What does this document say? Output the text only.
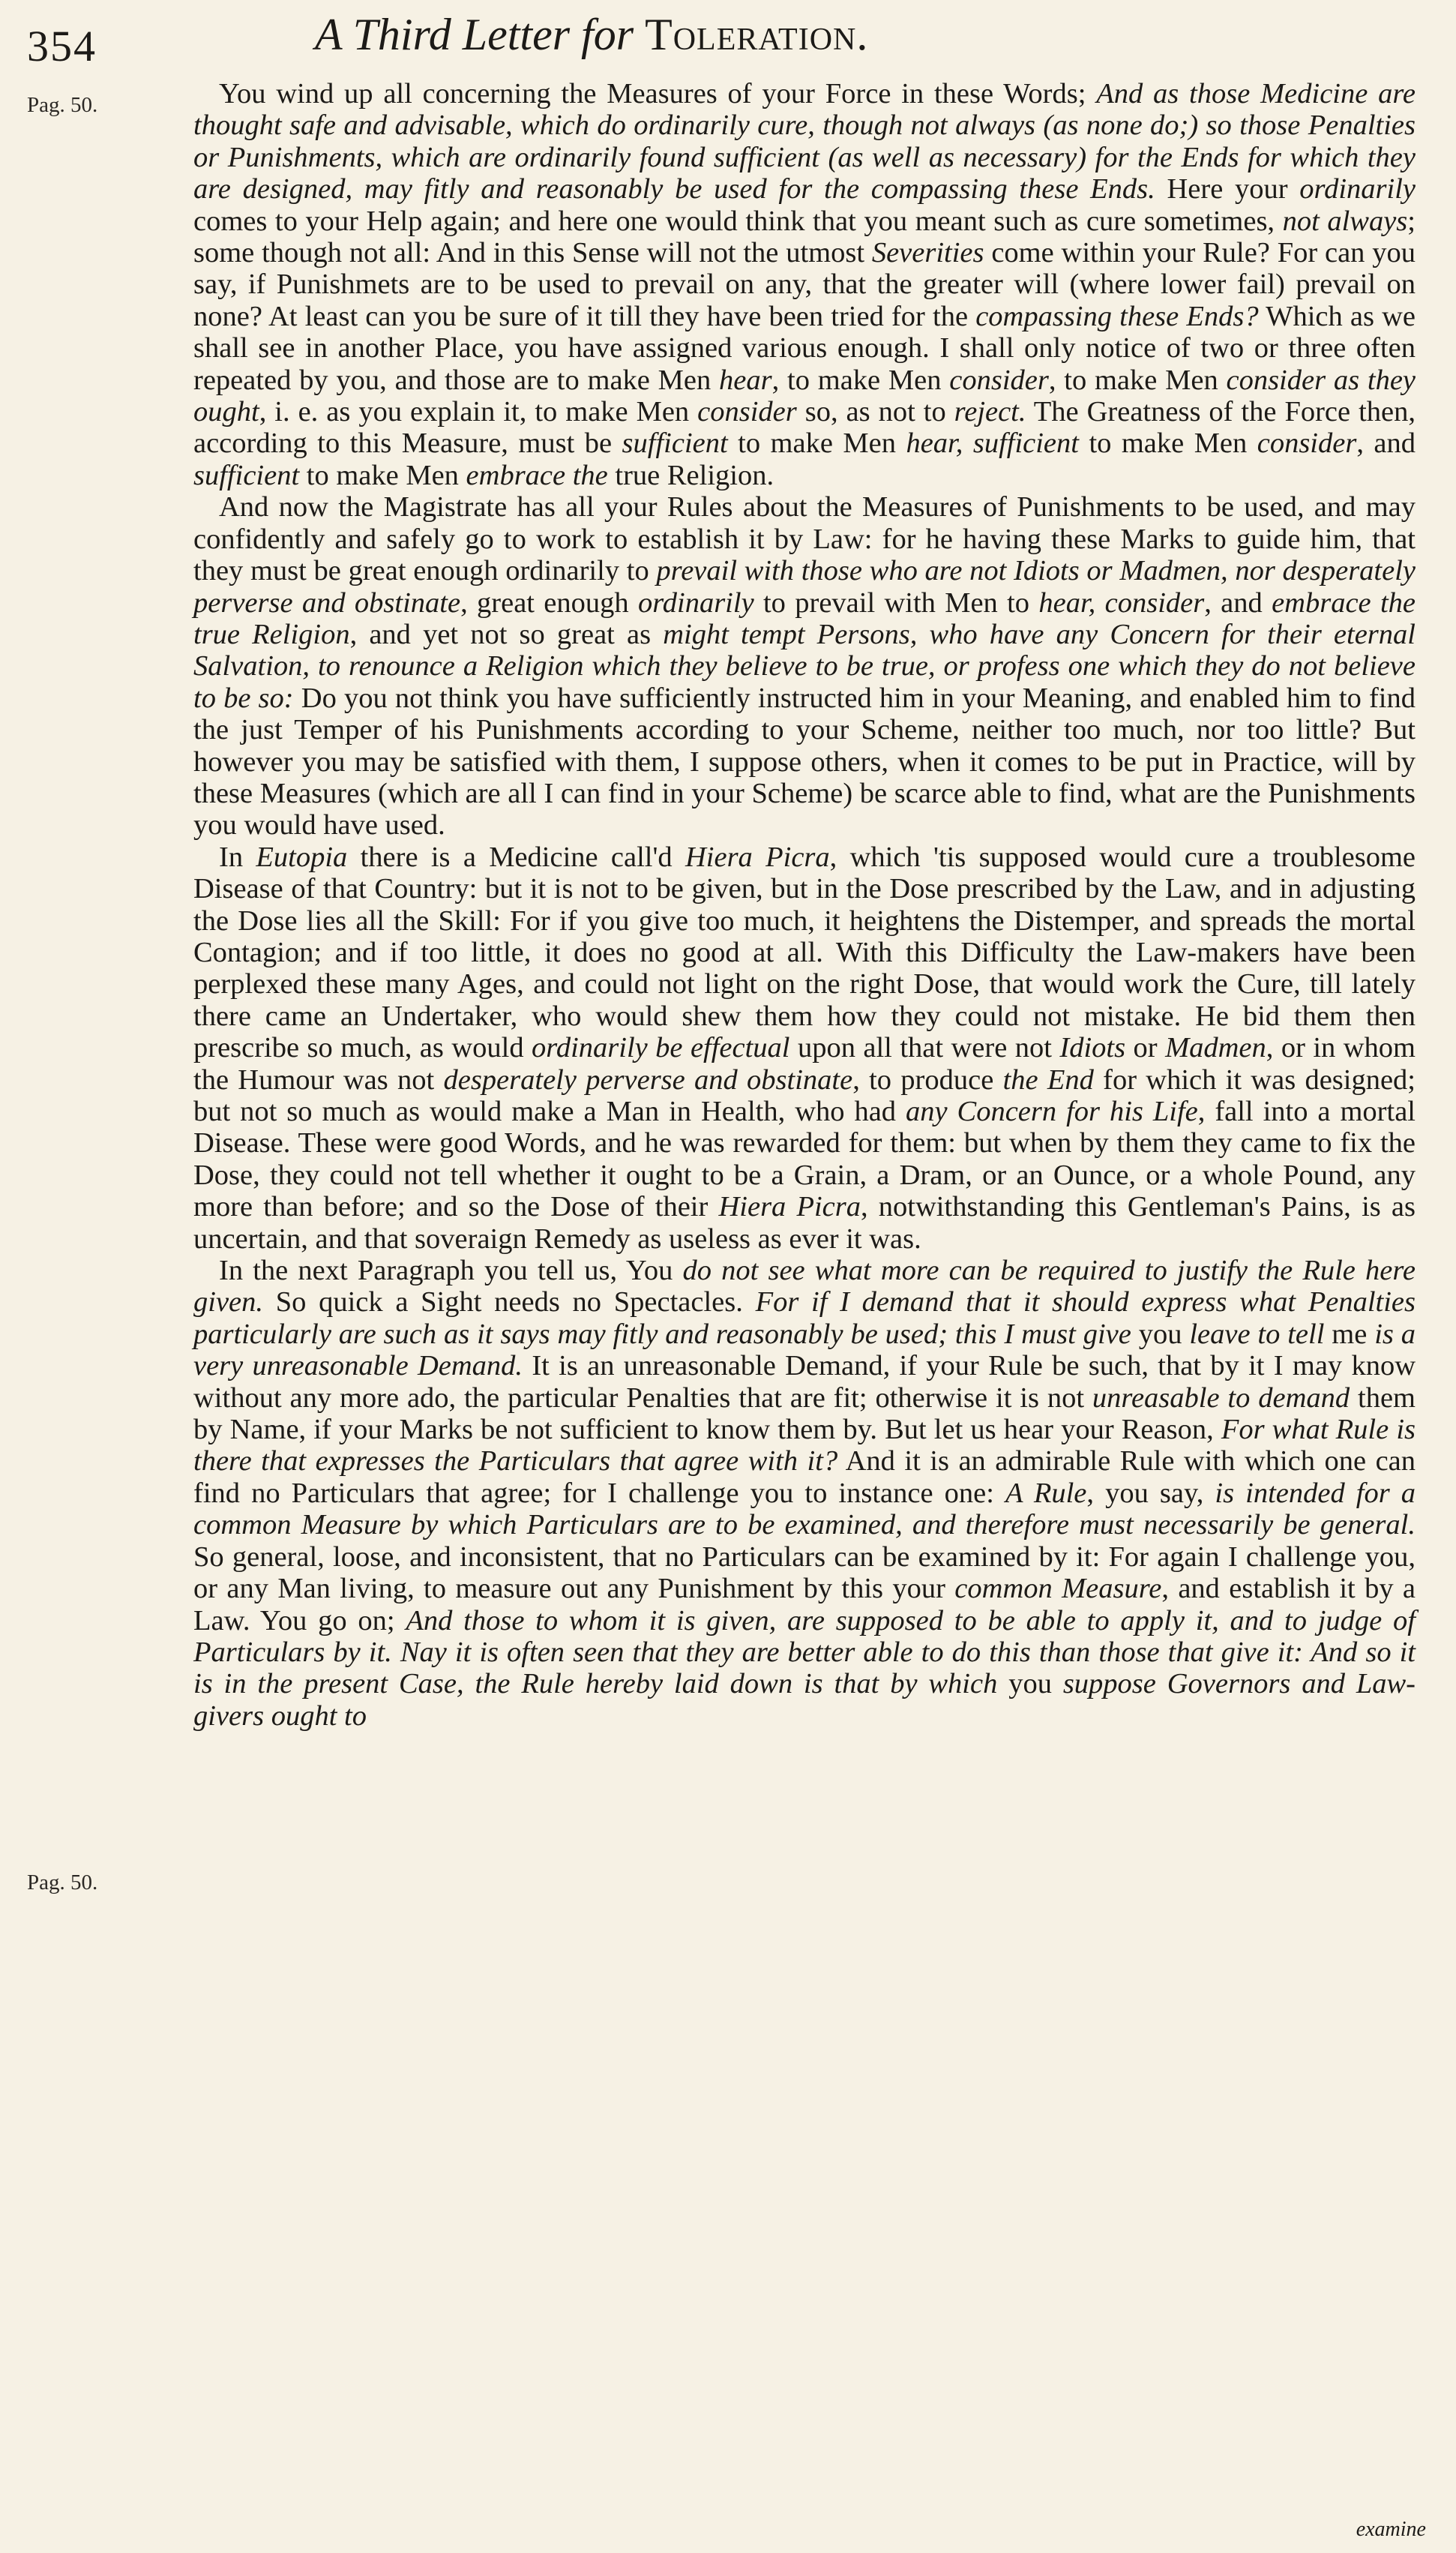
354	A Third Letter for Toleration.
Pag. 50.
Pag. 50.

You wind up all concerning the Measures of your Force in these Words; And as those Medicine are thought safe and advisable, which do ordinarily cure, though not always (as none do;) so those Penalties or Punishments, which are ordinarily found sufficient (as well as necessary) for the Ends for which they are designed, may fitly and reasonably be used for the compassing these Ends. Here your ordinarily comes to your Help again; and here one would think that you meant such as cure sometimes, not always; some though not all: And in this Sense will not the utmost Severities come within your Rule? For can you say, if Punishmets are to be used to prevail on any, that the greater will (where lower fail) prevail on none? At least can you be sure of it till they have been tried for the compassing these Ends? Which as we shall see in another Place, you have assigned various enough. I shall only notice of two or three often repeated by you, and those are to make Men hear, to make Men consider, to make Men consider as they ought, i. e. as you explain it, to make Men consider so, as not to reject. The Greatness of the Force then, according to this Measure, must be sufficient to make Men hear, sufficient to make Men consider, and sufficient to make Men embrace the true Religion.

And now the Magistrate has all your Rules about the Measures of Punishments to be used, and may confidently and safely go to work to establish it by Law: for he having these Marks to guide him, that they must be great enough ordinarily to prevail with those who are not Idiots or Madmen, nor desperately perverse and obstinate, great enough ordinarily to prevail with Men to hear, consider, and embrace the true Religion, and yet not so great as might tempt Persons, who have any Concern for their eternal Salvation, to renounce a Religion which they believe to be true, or profess one which they do not believe to be so: Do you not think you have sufficiently instructed him in your Meaning, and enabled him to find the just Temper of his Punishments according to your Scheme, neither too much, nor too little? But however you may be satisfied with them, I suppose others, when it comes to be put in Practice, will by these Measures (which are all I can find in your Scheme) be scarce able to find, what are the Punishments you would have used.

In Eutopia there is a Medicine call'd Hiera Picra, which 'tis supposed would cure a troublesome Disease of that Country: but it is not to be given, but in the Dose prescribed by the Law, and in adjusting the Dose lies all the Skill: For if you give too much, it heightens the Distemper, and spreads the mortal Contagion; and if too little, it does no good at all. With this Difficulty the Law-makers have been perplexed these many Ages, and could not light on the right Dose, that would work the Cure, till lately there came an Undertaker, who would shew them how they could not mistake. He bid them then prescribe so much, as would ordinarily be effectual upon all that were not Idiots or Madmen, or in whom the Humour was not desperately perverse and obstinate, to produce the End for which it was designed; but not so much as would make a Man in Health, who had any Concern for his Life, fall into a mortal Disease. These were good Words, and he was rewarded for them: but when by them they came to fix the Dose, they could not tell whether it ought to be a Grain, a Dram, or an Ounce, or a whole Pound, any more than before; and so the Dose of their Hiera Picra, notwithstanding this Gentleman's Pains, is as uncertain, and that soveraign Remedy as useless as ever it was.

In the next Paragraph you tell us, You do not see what more can be required to justify the Rule here given. So quick a Sight needs no Spectacles. For if I demand that it should express what Penalties particularly are such as it says may fitly and reasonably be used; this I must give you leave to tell me is a very unreasonable Demand. It is an unreasonable Demand, if your Rule be such, that by it I may know without any more ado, the particular Penalties that are fit; otherwise it is not unreasable to demand them by Name, if your Marks be not sufficient to know them by. But let us hear your Reason, For what Rule is there that expresses the Particulars that agree with it? And it is an admirable Rule with which one can find no Particulars that agree; for I challenge you to instance one: A Rule, you say, is intended for a common Measure by which Particulars are to be examined, and therefore must necessarily be general. So general, loose, and inconsistent, that no Particulars can be examined by it: For again I challenge you, or any Man living, to measure out any Punishment by this your common Measure, and establish it by a Law. You go on; And those to whom it is given, are supposed to be able to apply it, and to judge of Particulars by it. Nay it is often seen that they are better able to do this than those that give it: And so it is in the present Case, the Rule hereby laid down is that by which you suppose Governors and Law-givers ought to

examine
